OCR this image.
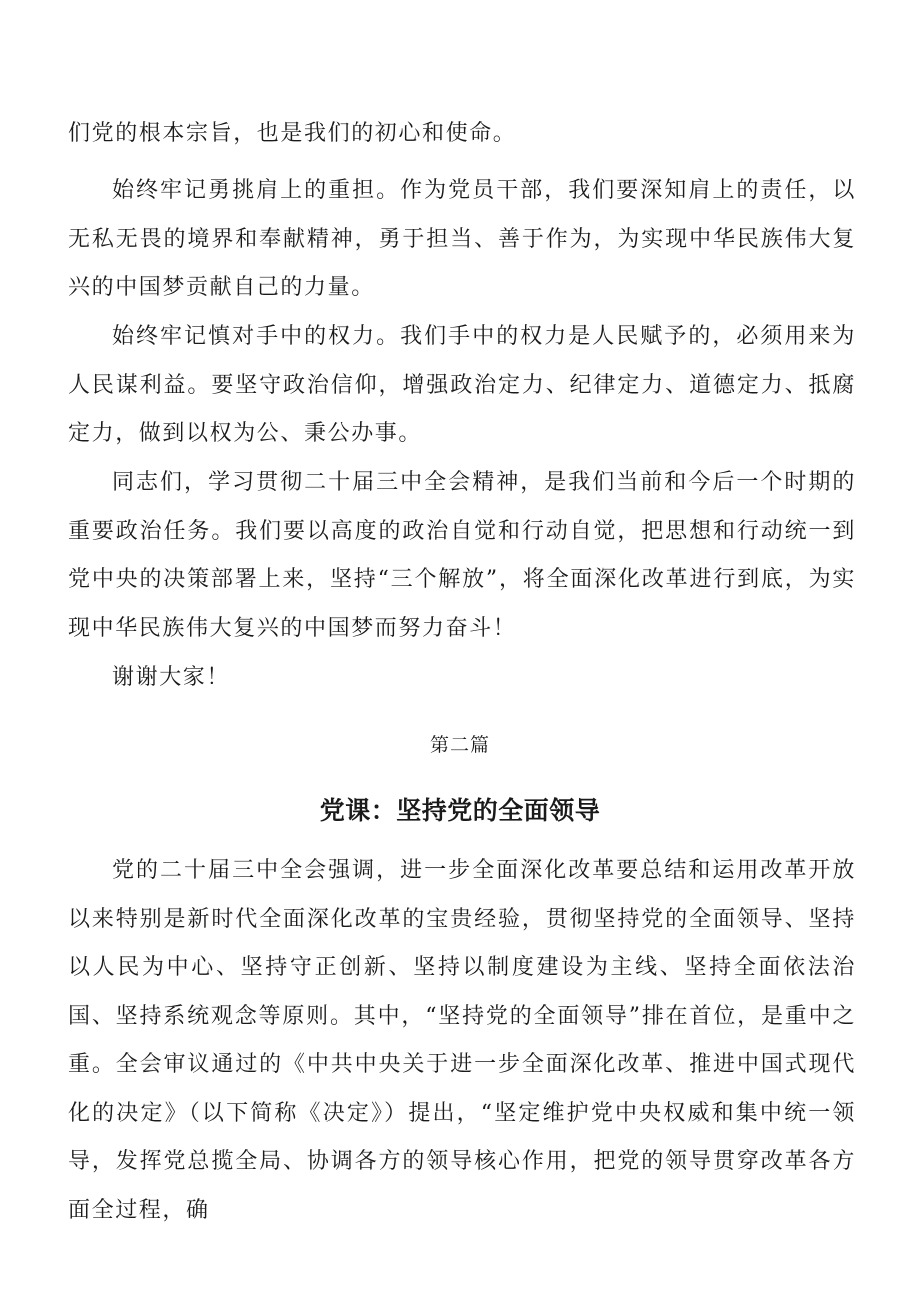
们党的根本宗旨，也是我们的初心和使命。

始终牢记勇挑肩上的重担。作为党员干部，我们要深知肩上的责任，以无私无畏的境界和奉献精神，勇于担当、善于作为，为实现中华民族伟大复兴的中国梦贡献自己的力量。

始终牢记慎对手中的权力。我们手中的权力是人民赋予的，必须用来为人民谋利益。要坚守政治信仰，增强政治定力、纪律定力、道德定力、抵腐定力，做到以权为公、秉公办事。

同志们，学习贯彻二十届三中全会精神，是我们当前和今后一个时期的重要政治任务。我们要以高度的政治自觉和行动自觉，把思想和行动统一到党中央的决策部署上来，坚持“三个解放”，将全面深化改革进行到底，为实现中华民族伟大复兴的中国梦而努力奋斗！

谢谢大家！

第二篇

党课：坚持党的全面领导

党的二十届三中全会强调，进一步全面深化改革要总结和运用改革开放以来特别是新时代全面深化改革的宝贵经验，贯彻坚持党的全面领导、坚持以人民为中心、坚持守正创新、坚持以制度建设为主线、坚持全面依法治国、坚持系统观念等原则。其中，“坚持党的全面领导”排在首位，是重中之重。全会审议通过的《中共中央关于进一步全面深化改革、推进中国式现代化的决定》（以下简称《决定》）提出，“坚定维护党中央权威和集中统一领导，发挥党总揽全局、协调各方的领导核心作用，把党的领导贯穿改革各方面全过程，确
